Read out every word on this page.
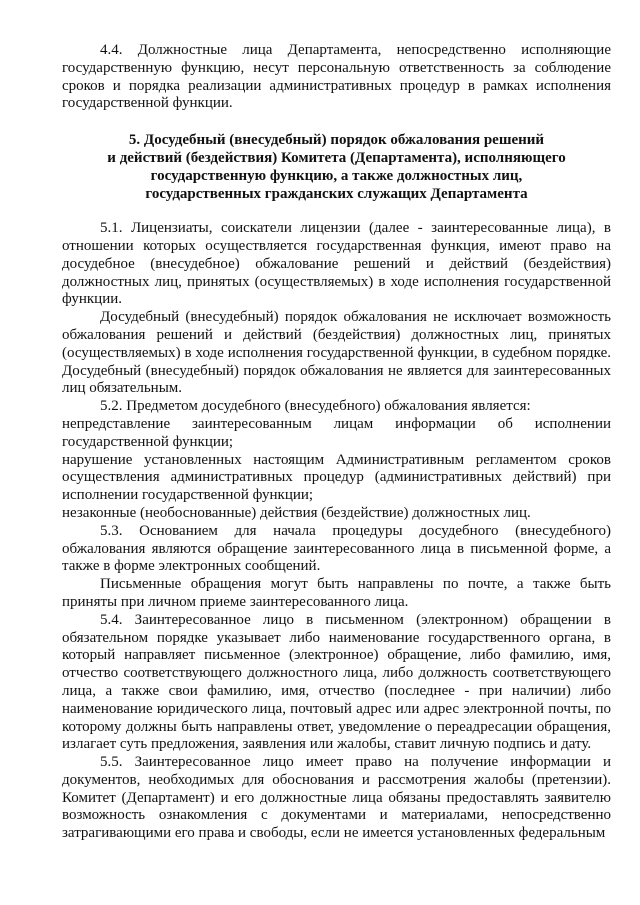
4.4. Должностные лица Департамента, непосредственно исполняющие государственную функцию, несут персональную ответственность за соблюдение сроков и порядка реализации административных процедур в рамках исполнения государственной функции.

5. Досудебный (внесудебный) порядок обжалования решений
и действий (бездействия) Комитета (Департамента), исполняющего
государственную функцию, а также должностных лиц,
государственных гражданских служащих Департамента

5.1. Лицензиаты, соискатели лицензии (далее - заинтересованные лица), в отношении которых осуществляется государственная функция, имеют право на досудебное (внесудебное) обжалование решений и действий (бездействия) должностных лиц, принятых (осуществляемых) в ходе исполнения государственной функции.

Досудебный (внесудебный) порядок обжалования не исключает возможность обжалования решений и действий (бездействия) должностных лиц, принятых (осуществляемых) в ходе исполнения государственной функции, в судебном порядке. Досудебный (внесудебный) порядок обжалования не является для заинтересованных лиц обязательным.

5.2. Предметом досудебного (внесудебного) обжалования является:

непредставление заинтересованным лицам информации об исполнении государственной функции;

нарушение установленных настоящим Административным регламентом сроков осуществления административных процедур (административных действий) при исполнении государственной функции;

незаконные (необоснованные) действия (бездействие) должностных лиц.

5.3. Основанием для начала процедуры досудебного (внесудебного) обжалования являются обращение заинтересованного лица в письменной форме, а также в форме электронных сообщений.

Письменные обращения могут быть направлены по почте, а также быть приняты при личном приеме заинтересованного лица.

5.4. Заинтересованное лицо в письменном (электронном) обращении в обязательном порядке указывает либо наименование государственного органа, в который направляет письменное (электронное) обращение, либо фамилию, имя, отчество соответствующего должностного лица, либо должность соответствующего лица, а также свои фамилию, имя, отчество (последнее - при наличии) либо наименование юридического лица, почтовый адрес или адрес электронной почты, по которому должны быть направлены ответ, уведомление о переадресации обращения, излагает суть предложения, заявления или жалобы, ставит личную подпись и дату.

5.5. Заинтересованное лицо имеет право на получение информации и документов, необходимых для обоснования и рассмотрения жалобы (претензии). Комитет (Департамент) и его должностные лица обязаны предоставлять заявителю возможность ознакомления с документами и материалами, непосредственно затрагивающими его права и свободы, если не имеется установленных федеральным
